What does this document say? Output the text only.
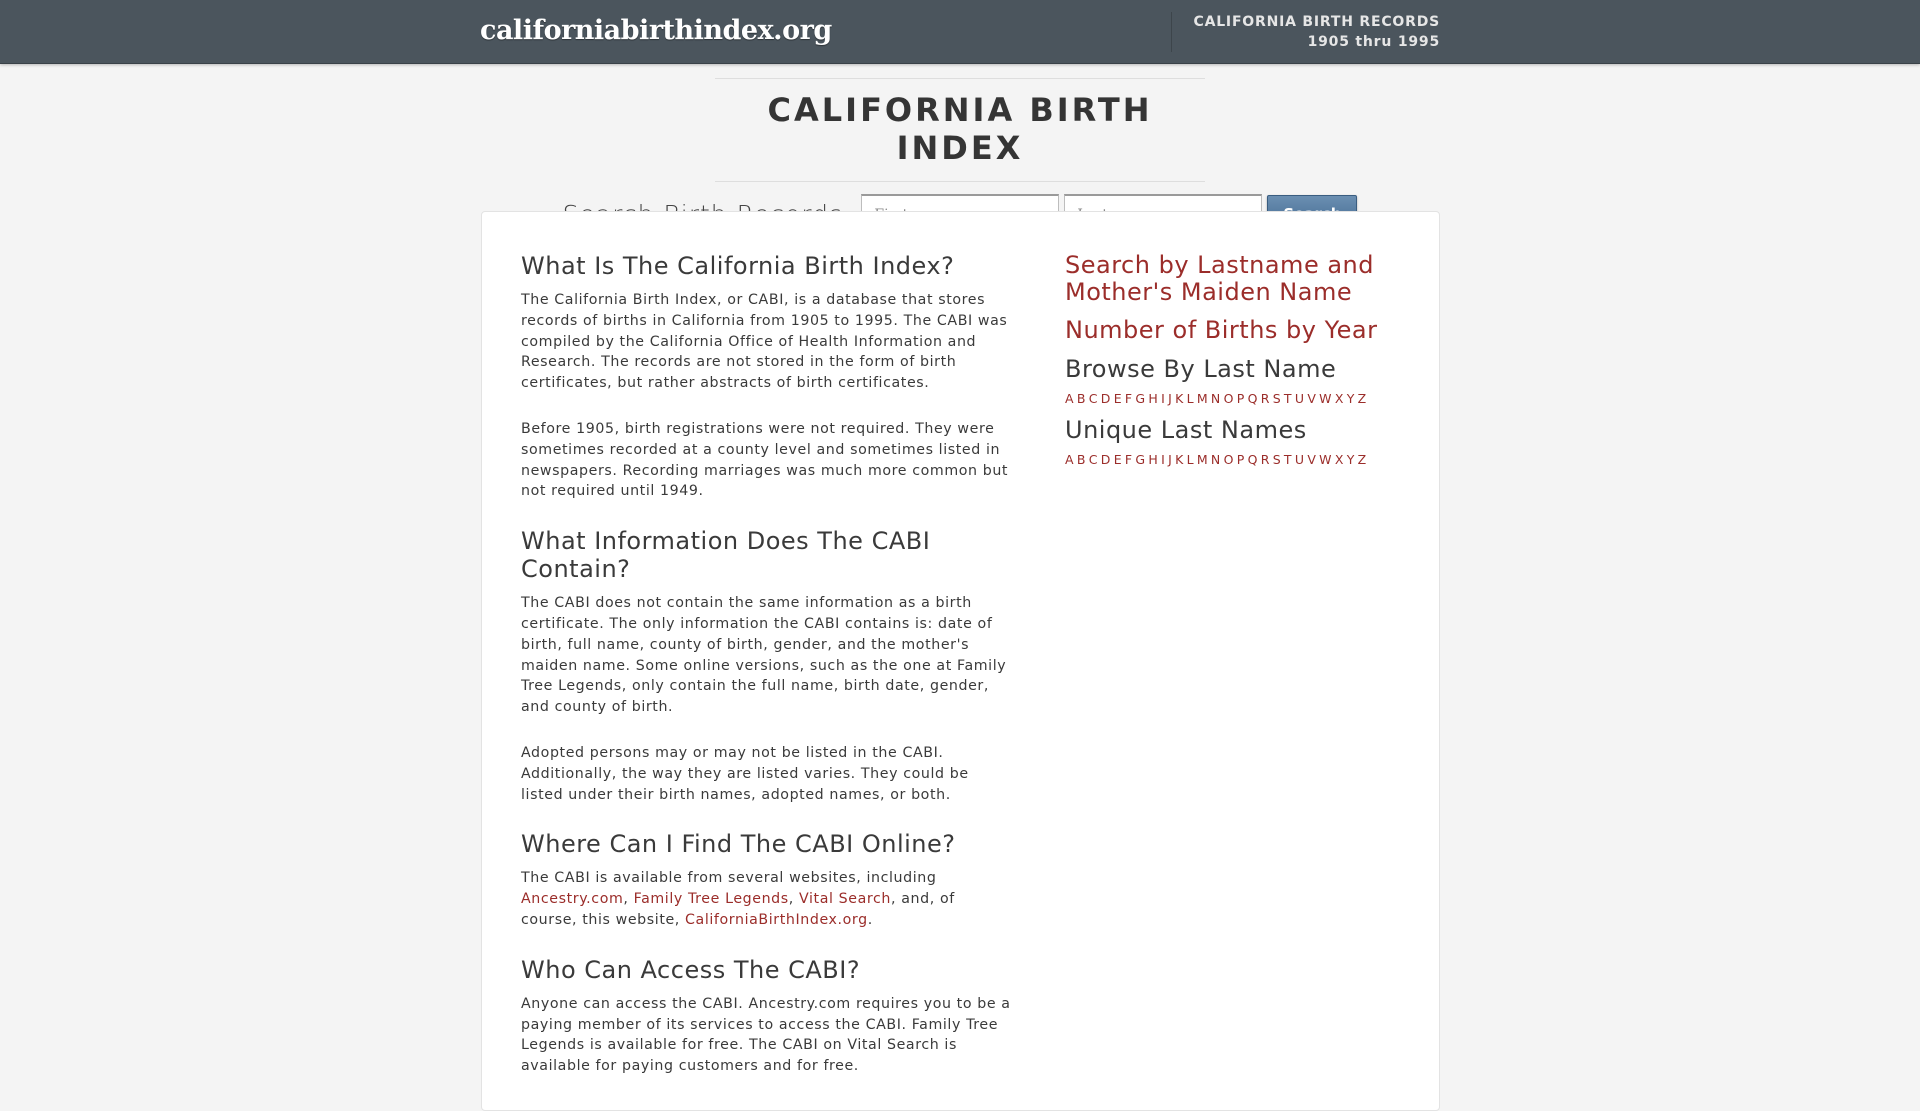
californiabirthindex.org	CALIFORNIA BIRTH RECORDS
1905 thru 1995
CALIFORNIA BIRTH INDEX
Firstname
Lastname
What Is The California Birth Index?

The California Birth Index, or CABI, is a database that stores records of births in California from 1905 to 1995. The CABI was compiled by the California Office of Health Information and Research. The records are not stored in the form of birth certificates, but rather abstracts of birth certificates.

Before 1905, birth registrations were not required. They were sometimes recorded at a county level and sometimes listed in newspapers. Recording marriages was much more common but not required until 1949.

What Information Does The CABI Contain?

The CABI does not contain the same information as a birth certificate. The only information the CABI contains is: date of birth, full name, county of birth, gender, and the mother's maiden name. Some online versions, such as the one at Family Tree Legends, only contain the full name, birth date, gender, and county of birth.

Adopted persons may or may not be listed in the CABI. Additionally, the way they are listed varies. They could be listed under their birth names, adopted names, or both.

Where Can I Find The CABI Online?

The CABI is available from several websites, including Ancestry.com, Family Tree Legends, Vital Search, and, of course, this website, CaliforniaBirthIndex.org.

Who Can Access The CABI?

Anyone can access the CABI. Ancestry.com requires you to be a paying member of its services to access the CABI. Family Tree Legends is available for free. The CABI on Vital Search is available for paying customers and for free.

Search by Lastname and Mother's Maiden Name
Number of Births by Year
Browse By Last Name
A B C D E F G H I J K L M N O P Q R S T U V W X Y Z
Unique Last Names
A B C D E F G H I J K L M N O P Q R S T U V W X Y Z
